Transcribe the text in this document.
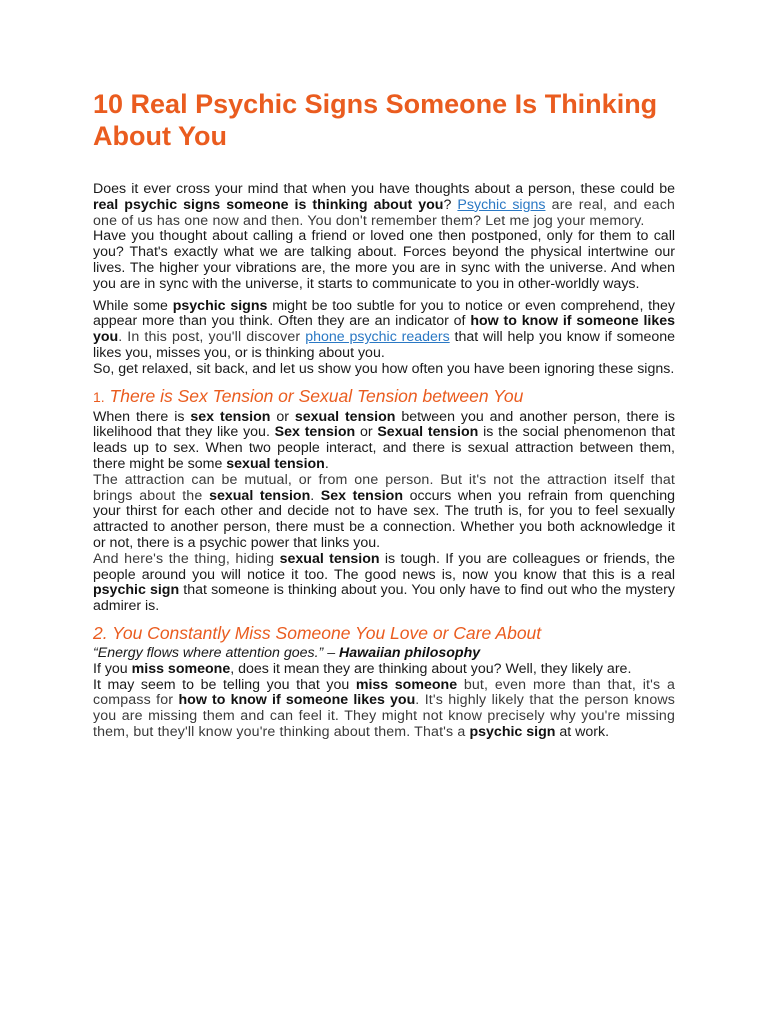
10 Real Psychic Signs Someone Is Thinking About You

Does it ever cross your mind that when you have thoughts about a person, these could be real psychic signs someone is thinking about you? Psychic signs are real, and each one of us has one now and then. You don't remember them? Let me jog your memory.

Have you thought about calling a friend or loved one then postponed, only for them to call you? That's exactly what we are talking about. Forces beyond the physical intertwine our lives. The higher your vibrations are, the more you are in sync with the universe. And when you are in sync with the universe, it starts to communicate to you in other-worldly ways.

While some psychic signs might be too subtle for you to notice or even comprehend, they appear more than you think. Often they are an indicator of how to know if someone likes you. In this post, you'll discover phone psychic readers that will help you know if someone likes you, misses you, or is thinking about you.

So, get relaxed, sit back, and let us show you how often you have been ignoring these signs.

1. There is Sex Tension or Sexual Tension between You

When there is sex tension or sexual tension between you and another person, there is likelihood that they like you. Sex tension or Sexual tension is the social phenomenon that leads up to sex. When two people interact, and there is sexual attraction between them, there might be some sexual tension.

The attraction can be mutual, or from one person. But it's not the attraction itself that brings about the sexual tension. Sex tension occurs when you refrain from quenching your thirst for each other and decide not to have sex. The truth is, for you to feel sexually attracted to another person, there must be a connection. Whether you both acknowledge it or not, there is a psychic power that links you.

And here's the thing, hiding sexual tension is tough. If you are colleagues or friends, the people around you will notice it too. The good news is, now you know that this is a real psychic sign that someone is thinking about you. You only have to find out who the mystery admirer is.

2. You Constantly Miss Someone You Love or Care About

“Energy flows where attention goes.” – Hawaiian philosophy

If you miss someone, does it mean they are thinking about you? Well, they likely are.

It may seem to be telling you that you miss someone but, even more than that, it's a compass for how to know if someone likes you. It's highly likely that the person knows you are missing them and can feel it. They might not know precisely why you're missing them, but they'll know you're thinking about them. That's a psychic sign at work.
